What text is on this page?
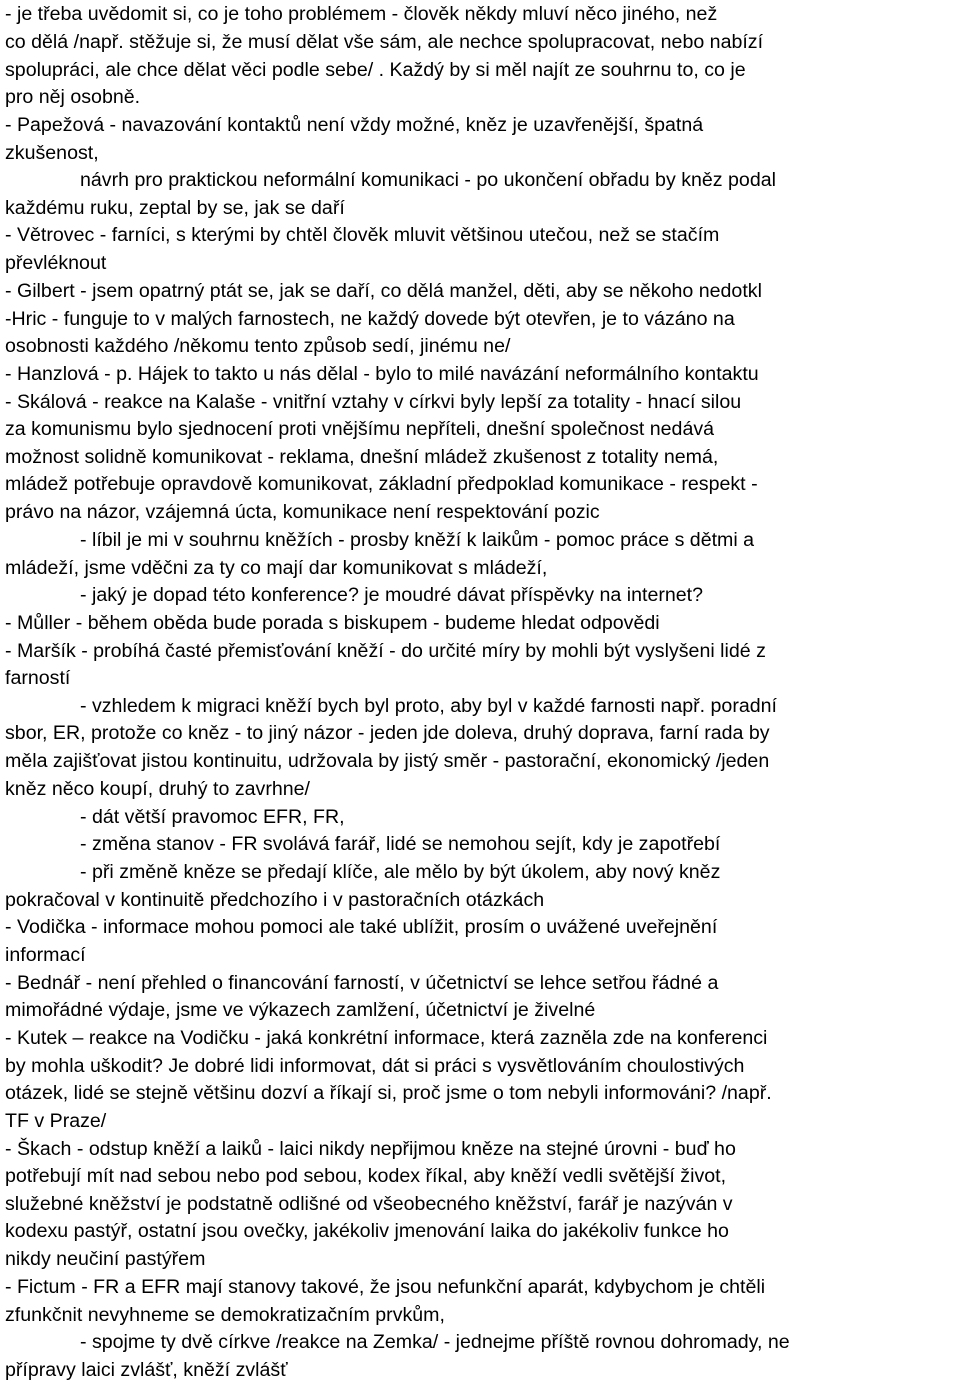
- je třeba uvědomit si, co je toho problémem - člověk někdy mluví něco jiného, než

co dělá /např. stěžuje si, že musí dělat vše sám, ale nechce spolupracovat, nebo nabízí

spolupráci, ale chce dělat věci podle sebe/ . Každý by si měl najít ze souhrnu to, co je

pro něj osobně.

- Papežová - navazování kontaktů není vždy možné, kněz je uzavřenější, špatná

zkušenost,

návrh pro praktickou neformální komunikaci - po ukončení obřadu by kněz podal

každému ruku, zeptal by se, jak se daří

- Větrovec - farníci, s kterými by chtěl člověk mluvit většinou utečou, než se stačím

převléknout

- Gilbert - jsem opatrný ptát se, jak se daří, co dělá manžel, děti, aby se někoho nedotkl

-Hric - funguje to v malých farnostech, ne každý dovede být otevřen, je to vázáno na

osobnosti každého /někomu tento způsob sedí, jinému ne/

- Hanzlová - p. Hájek to takto u nás dělal - bylo to milé navázání neformálního kontaktu

- Skálová - reakce na Kalaše - vnitřní vztahy v církvi byly lepší za totality - hnací silou

za komunismu bylo sjednocení proti vnějšímu nepříteli, dnešní společnost nedává

možnost solidně komunikovat - reklama, dnešní mládež zkušenost z totality nemá,

mládež potřebuje opravdově komunikovat, základní předpoklad komunikace - respekt -

právo na názor, vzájemná úcta, komunikace není respektování pozic

- líbil je mi v souhrnu kněžích - prosby kněží k laikům - pomoc práce s dětmi a

mládeží, jsme vděčni za ty co mají dar komunikovat s mládeží,

- jaký je dopad této konference? je moudré dávat příspěvky na internet?

- Můller - během oběda bude porada s biskupem - budeme hledat odpovědi

- Maršík - probíhá časté přemisťování kněží - do určité míry by mohli být vyslyšeni lidé z

farností

- vzhledem k migraci kněží bych byl proto, aby byl v každé farnosti např. poradní

sbor, ER, protože co kněz - to jiný názor - jeden jde doleva, druhý doprava, farní rada by

měla zajišťovat jistou kontinuitu, udržovala by jistý směr - pastorační, ekonomický /jeden

kněz něco koupí, druhý to zavrhne/

- dát větší pravomoc EFR, FR,

- změna stanov - FR svolává farář, lidé se nemohou sejít, kdy je zapotřebí

- při změně kněze se předají klíče, ale mělo by být úkolem, aby nový kněz

pokračoval v kontinuitě předchozího i v pastoračních otázkách

- Vodička - informace mohou pomoci ale také ublížit, prosím o uvážené uveřejnění

informací

- Bednář - není přehled o financování farností, v účetnictví se lehce setřou řádné a

mimořádné výdaje, jsme ve výkazech zamlžení, účetnictví je živelné

- Kutek – reakce na Vodičku - jaká konkrétní informace, která zazněla zde na konferenci

by mohla uškodit? Je dobré lidi informovat, dát si práci s vysvětlováním choulostivých

otázek, lidé se stejně většinu dozví a říkají si, proč jsme o tom nebyli informováni? /např.

TF v Praze/

- Škach - odstup kněží a laiků - laici nikdy nepřijmou kněze na stejné úrovni - buď ho

potřebují mít nad sebou nebo pod sebou, kodex říkal, aby kněží vedli světější život,

služebné kněžství je podstatně odlišné od všeobecného kněžství, farář je nazýván v

kodexu pastýř, ostatní jsou ovečky, jakékoliv jmenování laika do jakékoliv funkce ho

nikdy neučiní pastýřem

- Fictum - FR a EFR mají stanovy takové, že jsou nefunkční aparát, kdybychom je chtěli

zfunkčnit nevyhneme se demokratizačním prvkům,

- spojme ty dvě církve /reakce na Zemka/ - jednejme příště rovnou dohromady, ne

přípravy laici zvlášť, kněží zvlášť
